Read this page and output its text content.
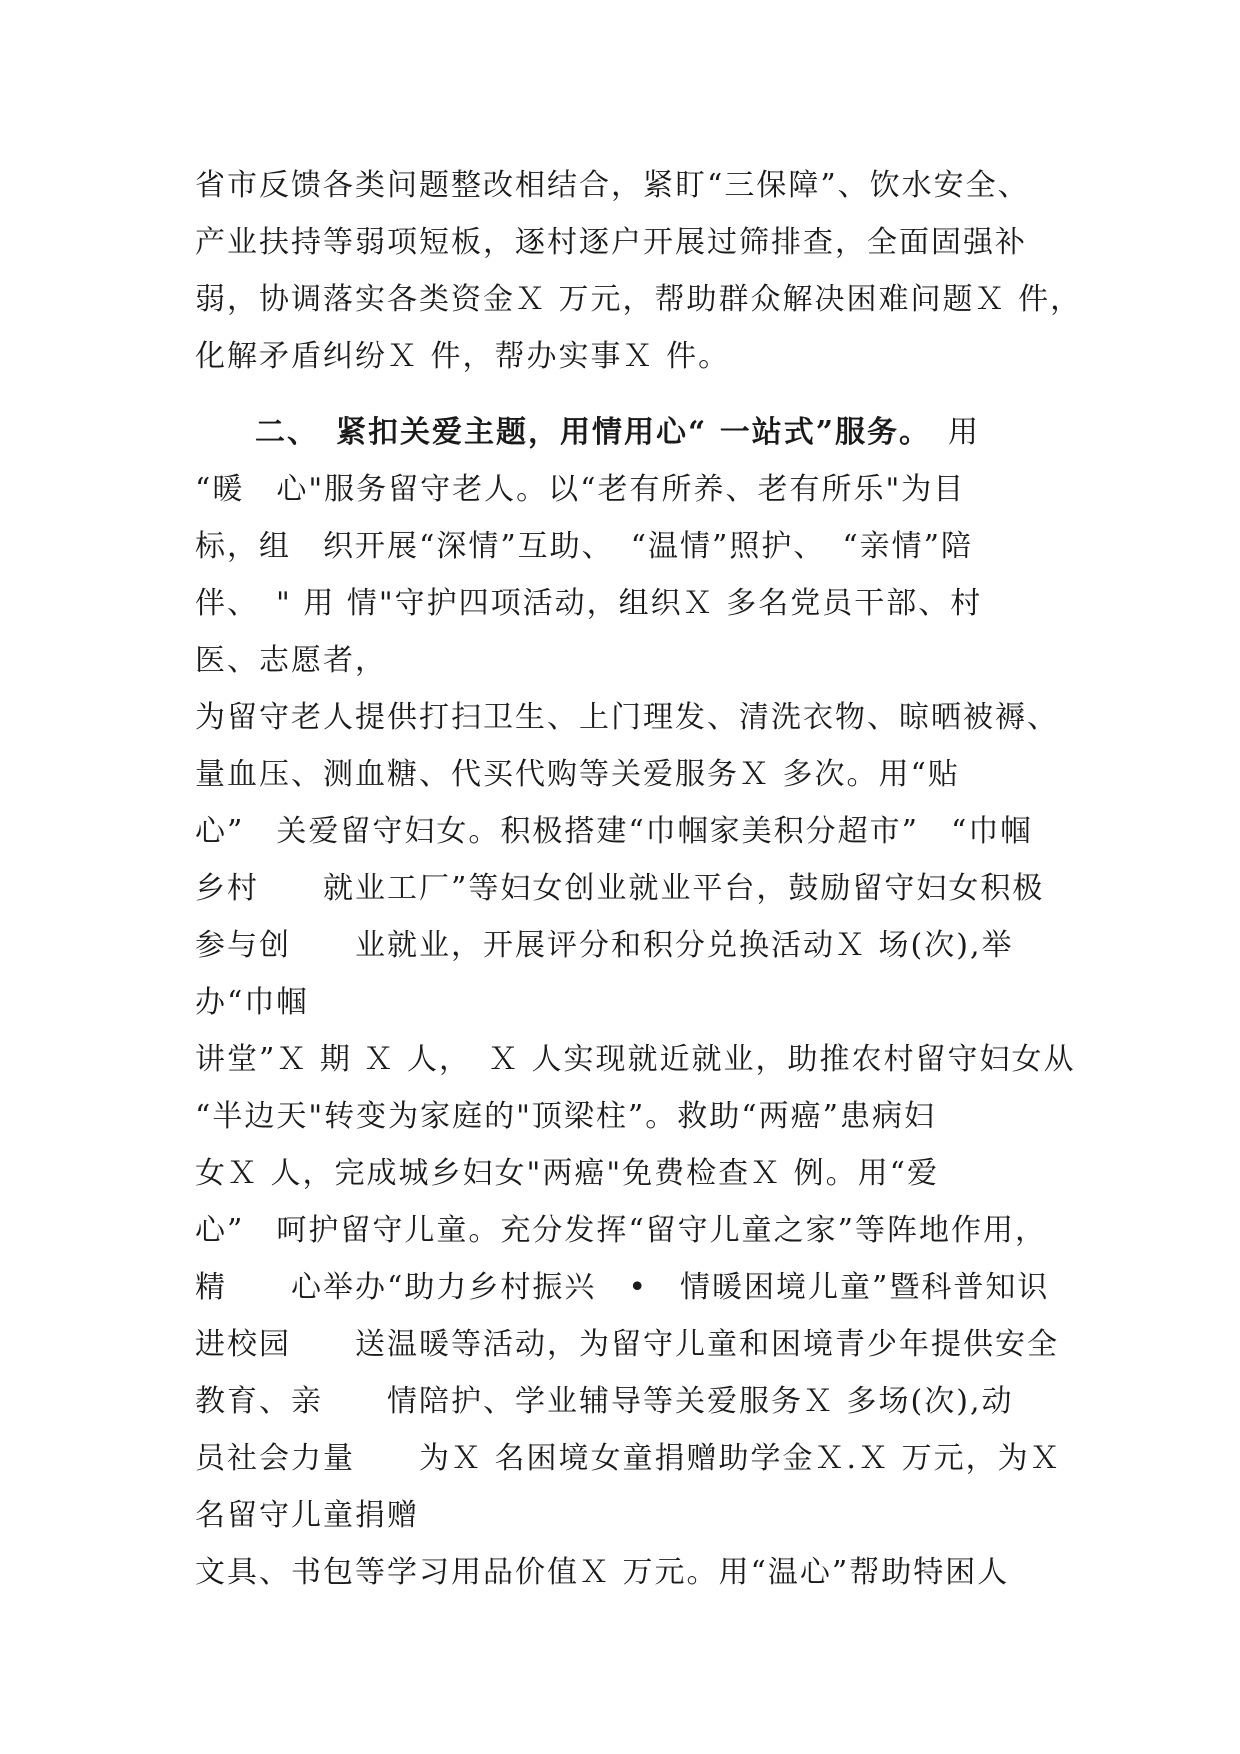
省市反馈各类问题整改相结合，紧盯“三保障”、饮水安全、
产业扶持等弱项短板，逐村逐户开展过筛排查，全面固强补
弱，协调落实各类资金Ｘ 万元，帮助群众解决困难问题Ｘ 件，
化解矛盾纠纷Ｘ 件，帮办实事Ｘ 件。
二、　紧扣关爱主题，用情用心“ 一站式”服务。　 用
“暖　心"服务留守老人。以“老有所养、老有所乐"为目
标，组　织开展“深情”互助、　“温情”照护、　“亲情”陪
伴、　" 用 情"守护四项活动，组织Ｘ 多名党员干部、村
医、志愿者，
为留守老人提供打扫卫生、上门理发、清洗衣物、晾晒被褥、
量血压、测血糖、代买代购等关爱服务Ｘ 多次。用“贴
心”　关爱留守妇女。积极搭建“巾帼家美积分超市”　“巾帼
乡村　　就业工厂”等妇女创业就业平台，鼓励留守妇女积极
参与创　　业就业，开展评分和积分兑换活动Ｘ 场(次),举
办“巾帼
讲堂”Ｘ 期 Ｘ 人，　Ｘ 人实现就近就业，助推农村留守妇女从
“半边天"转变为家庭的"顶梁柱”。救助“两癌”患病妇
女Ｘ 人，完成城乡妇女"两癌"免费检查Ｘ 例。用“爱
心”　呵护留守儿童。充分发挥“留守儿童之家”等阵地作用，
精　　心举办“助力乡村振兴　•　情暖困境儿童”暨科普知识
进校园　　送温暖等活动，为留守儿童和困境青少年提供安全
教育、亲　　情陪护、学业辅导等关爱服务Ｘ 多场(次),动
员社会力量　　为Ｘ 名困境女童捐赠助学金Ｘ.Ｘ 万元，为Ｘ
名留守儿童捐赠
文具、书包等学习用品价值Ｘ 万元。用“温心”帮助特困人
